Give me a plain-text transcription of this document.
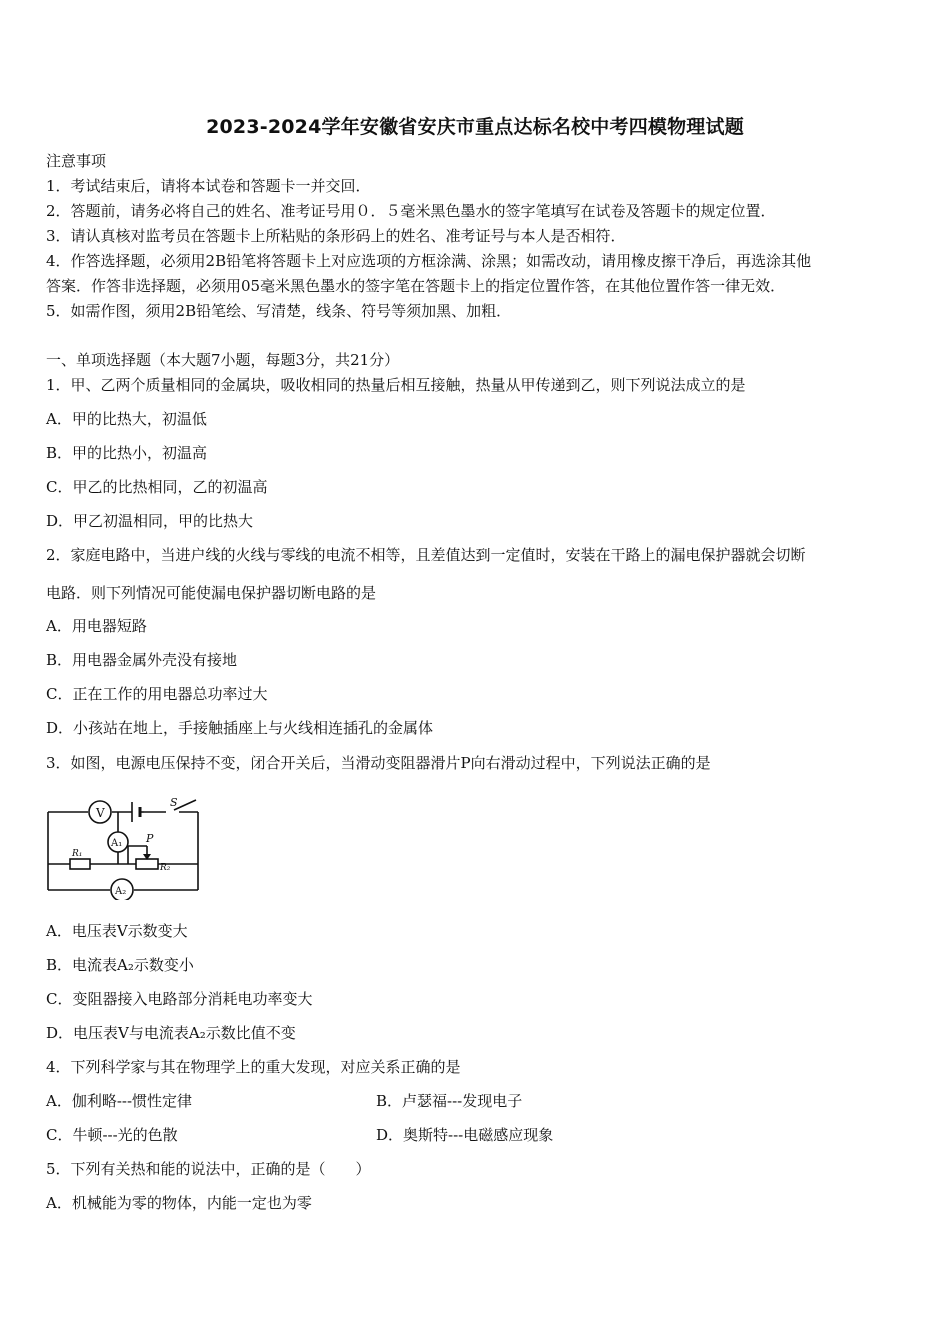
2023-2024学年安徽省安庆市重点达标名校中考四模物理试题
注意事项
1．考试结束后，请将本试卷和答题卡一并交回．
2．答题前，请务必将自己的姓名、准考证号用０．５毫米黑色墨水的签字笔填写在试卷及答题卡的规定位置．
3．请认真核对监考员在答题卡上所粘贴的条形码上的姓名、准考证号与本人是否相符．
4．作答选择题，必须用2B铅笔将答题卡上对应选项的方框涂满、涂黑；如需改动，请用橡皮擦干净后，再选涂其他
答案．作答非选择题，必须用05毫米黑色墨水的签字笔在答题卡上的指定位置作答，在其他位置作答一律无效．
5．如需作图，须用2B铅笔绘、写清楚，线条、符号等须加黑、加粗．
一、单项选择题（本大题7小题，每题3分，共21分）
1．甲、乙两个质量相同的金属块，吸收相同的热量后相互接触，热量从甲传递到乙，则下列说法成立的是
A．甲的比热大，初温低
B．甲的比热小，初温高
C．甲乙的比热相同，乙的初温高
D．甲乙初温相同，甲的比热大
2．家庭电路中，当进户线的火线与零线的电流不相等，且差值达到一定值时，安装在干路上的漏电保护器就会切断
电路．则下列情况可能使漏电保护器切断电路的是
A．用电器短路
B．用电器金属外壳没有接地
C．正在工作的用电器总功率过大
D．小孩站在地上，手接触插座上与火线相连插孔的金属体
3．如图，电源电压保持不变，闭合开关后，当滑动变阻器滑片P向右滑动过程中，下列说法正确的是
V
S
A₁ P
R₁
R₂
A₂
A．电压表V示数变大
B．电流表A₂示数变小
C．变阻器接入电路部分消耗电功率变大
D．电压表V与电流表A₂示数比值不变
4．下列科学家与其在物理学上的重大发现，对应关系正确的是
A．伽利略---惯性定律	B．卢瑟福---发现电子
C．牛顿---光的色散	D．奥斯特---电磁感应现象
5．下列有关热和能的说法中，正确的是（　　）
A．机械能为零的物体，内能一定也为零
